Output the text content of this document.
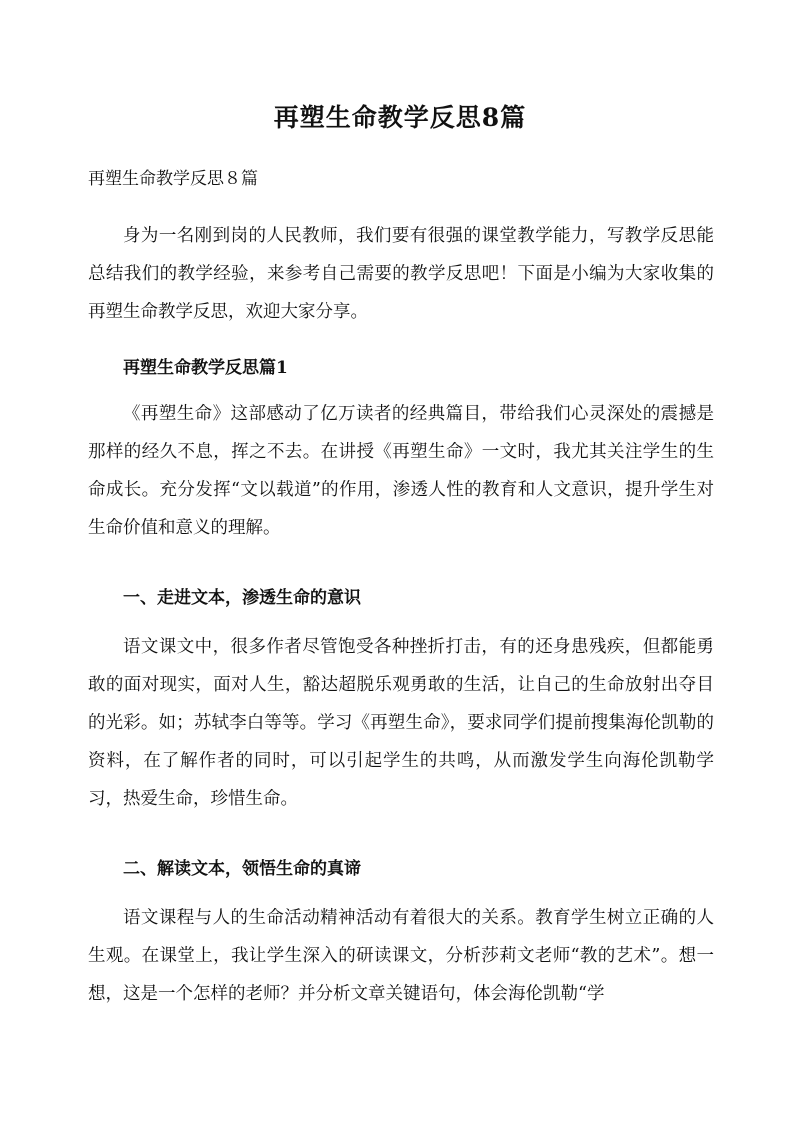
再塑生命教学反思8篇
再塑生命教学反思８篇
身为一名刚到岗的人民教师，我们要有很强的课堂教学能力，写教学反思能总结我们的教学经验，来参考自己需要的教学反思吧！下面是小编为大家收集的再塑生命教学反思，欢迎大家分享。
再塑生命教学反思篇1
《再塑生命》这部感动了亿万读者的经典篇目，带给我们心灵深处的震撼是那样的经久不息，挥之不去。在讲授《再塑生命》一文时，我尤其关注学生的生命成长。充分发挥“文以载道”的作用，渗透人性的教育和人文意识，提升学生对生命价值和意义的理解。
一、走进文本，渗透生命的意识
语文课文中，很多作者尽管饱受各种挫折打击，有的还身患残疾，但都能勇敢的面对现实，面对人生，豁达超脱乐观勇敢的生活，让自己的生命放射出夺目的光彩。如；苏轼李白等等。学习《再塑生命》，要求同学们提前搜集海伦凯勒的资料，在了解作者的同时，可以引起学生的共鸣，从而激发学生向海伦凯勒学习，热爱生命，珍惜生命。
二、解读文本，领悟生命的真谛
语文课程与人的生命活动精神活动有着很大的关系。教育学生树立正确的人生观。在课堂上，我让学生深入的研读课文，分析莎莉文老师“教的艺术”。想一想，这是一个怎样的老师？并分析文章关键语句，体会海伦凯勒“学
